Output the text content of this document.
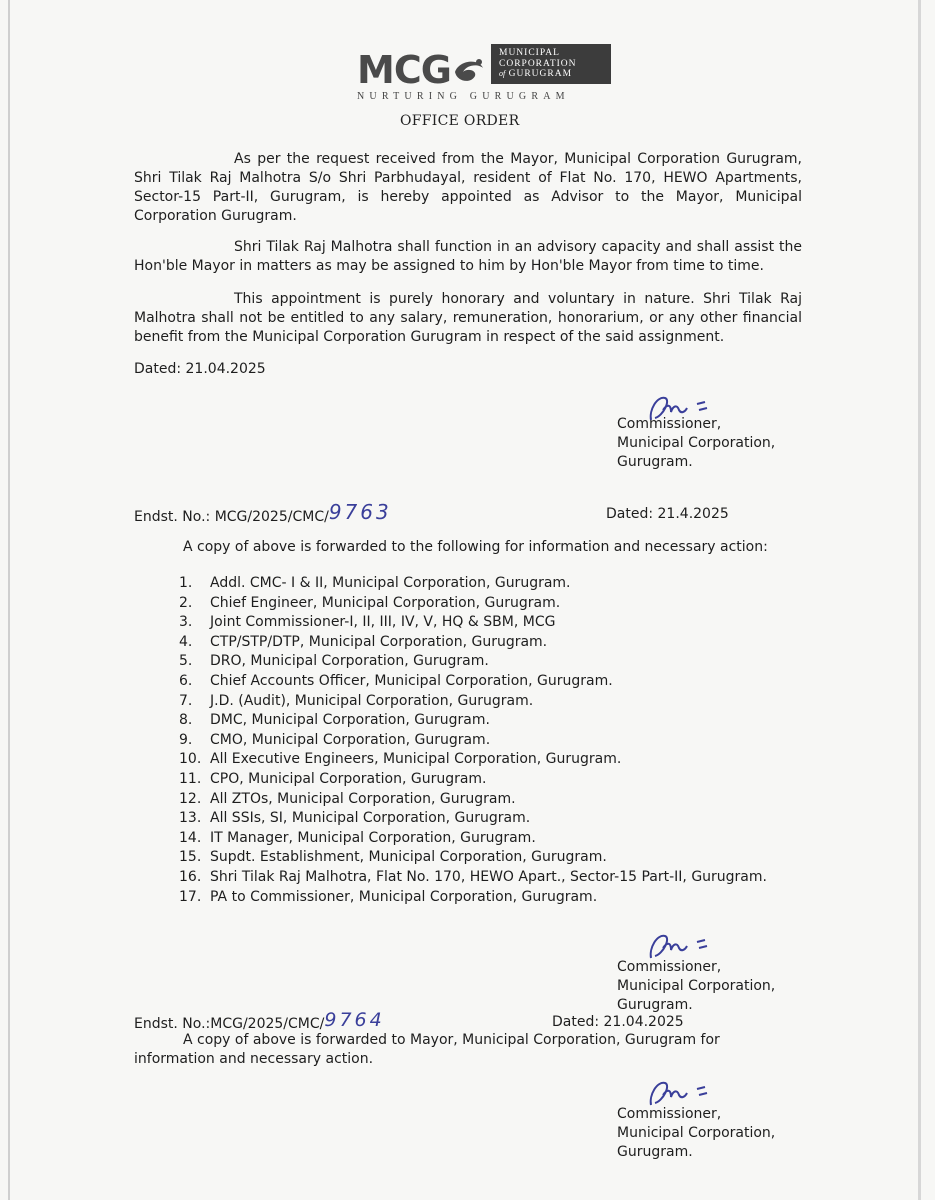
MCG	MUNICIPAL
CORPORATION
of GURUGRAM
NURTURING GURUGRAM
OFFICE ORDER
As per the request received from the Mayor, Municipal Corporation Gurugram,
Shri Tilak Raj Malhotra S/o Shri Parbhudayal, resident of Flat No. 170, HEWO Apartments,
Sector-15 Part-II, Gurugram, is hereby appointed as Advisor to the Mayor, Municipal
Corporation Gurugram.
Shri Tilak Raj Malhotra shall function in an advisory capacity and shall assist the
Hon'ble Mayor in matters as may be assigned to him by Hon'ble Mayor from time to time.
This appointment is purely honorary and voluntary in nature. Shri Tilak Raj
Malhotra shall not be entitled to any salary, remuneration, honorarium, or any other financial
benefit from the Municipal Corporation Gurugram in respect of the said assignment.
Dated: 21.04.2025
Commissioner,
Municipal Corporation,
Gurugram.
Endst. No.: MCG/2025/CMC/9763	Dated: 21.4.2025
A copy of above is forwarded to the following for information and necessary action:
1.	Addl. CMC- I & II, Municipal Corporation, Gurugram.
2.	Chief Engineer, Municipal Corporation, Gurugram.
3.	Joint Commissioner-I, II, III, IV, V, HQ & SBM, MCG
4.	CTP/STP/DTP, Municipal Corporation, Gurugram.
5.	DRO, Municipal Corporation, Gurugram.
6.	Chief Accounts Officer, Municipal Corporation, Gurugram.
7.	J.D. (Audit), Municipal Corporation, Gurugram.
8.	DMC, Municipal Corporation, Gurugram.
9.	CMO, Municipal Corporation, Gurugram.
10. All Executive Engineers, Municipal Corporation, Gurugram.
11. CPO, Municipal Corporation, Gurugram.
12. All ZTOs, Municipal Corporation, Gurugram.
13. All SSIs, SI, Municipal Corporation, Gurugram.
14. IT Manager, Municipal Corporation, Gurugram.
15. Supdt. Establishment, Municipal Corporation, Gurugram.
16. Shri Tilak Raj Malhotra, Flat No. 170, HEWO Apart., Sector-15 Part-II, Gurugram.
17. PA to Commissioner, Municipal Corporation, Gurugram.
Commissioner,
Municipal Corporation,
Gurugram.
Endst. No.:MCG/2025/CMC/9764	Dated: 21.04.2025
A copy of above is forwarded to Mayor, Municipal Corporation, Gurugram for
information and necessary action.
Commissioner,
Municipal Corporation,
Gurugram.
